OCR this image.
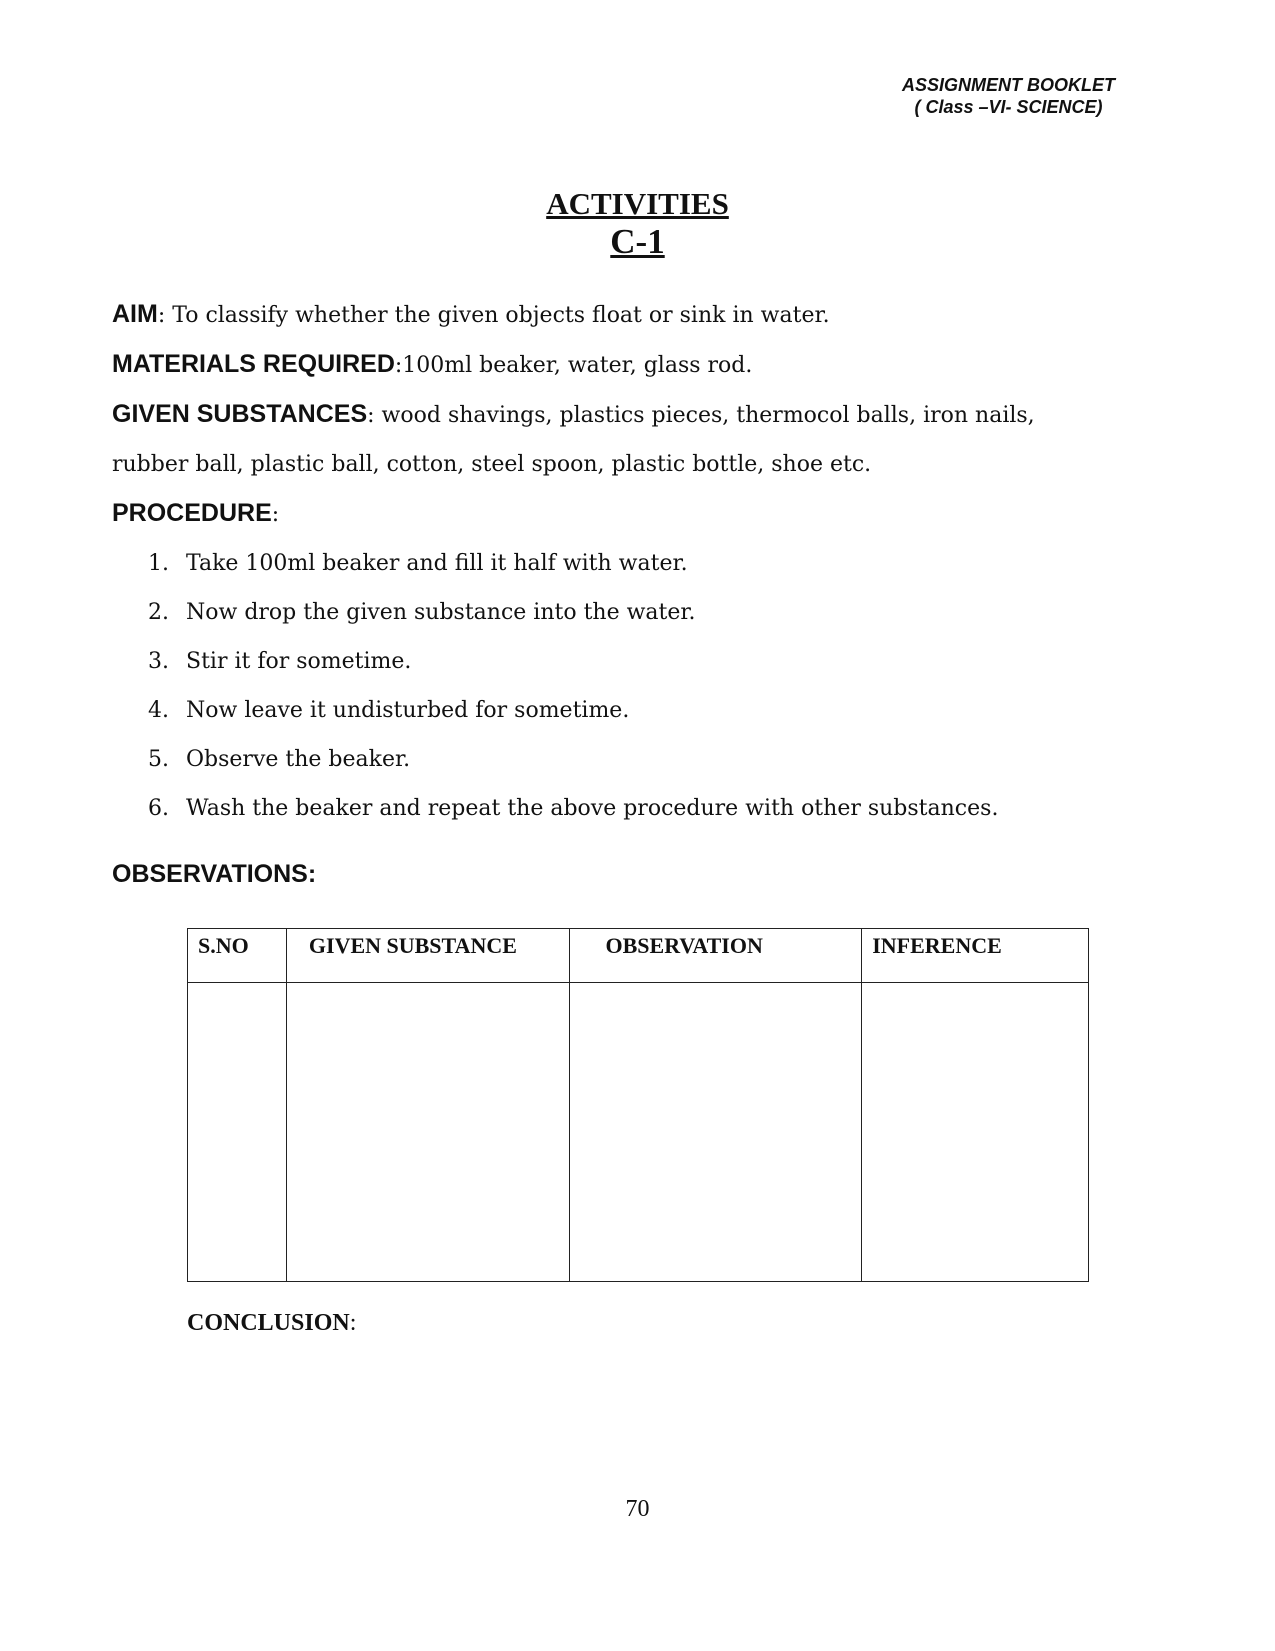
ASSIGNMENT BOOKLET
( Class –VI- SCIENCE)
ACTIVITIES
C-1
AIM: To classify whether the given objects float or sink in water.
MATERIALS REQUIRED:100ml beaker, water, glass rod.
GIVEN SUBSTANCES: wood shavings, plastics pieces, thermocol balls, iron nails,
rubber ball, plastic ball, cotton, steel spoon, plastic bottle, shoe etc.
PROCEDURE:
1. Take 100ml beaker and fill it half with water.
2. Now drop the given substance into the water.
3. Stir it for sometime.
4. Now leave it undisturbed for sometime.
5. Observe the beaker.
6. Wash the beaker and repeat the above procedure with other substances.
OBSERVATIONS:
S.NO	GIVEN SUBSTANCE	OBSERVATION	INFERENCE

CONCLUSION:
70
